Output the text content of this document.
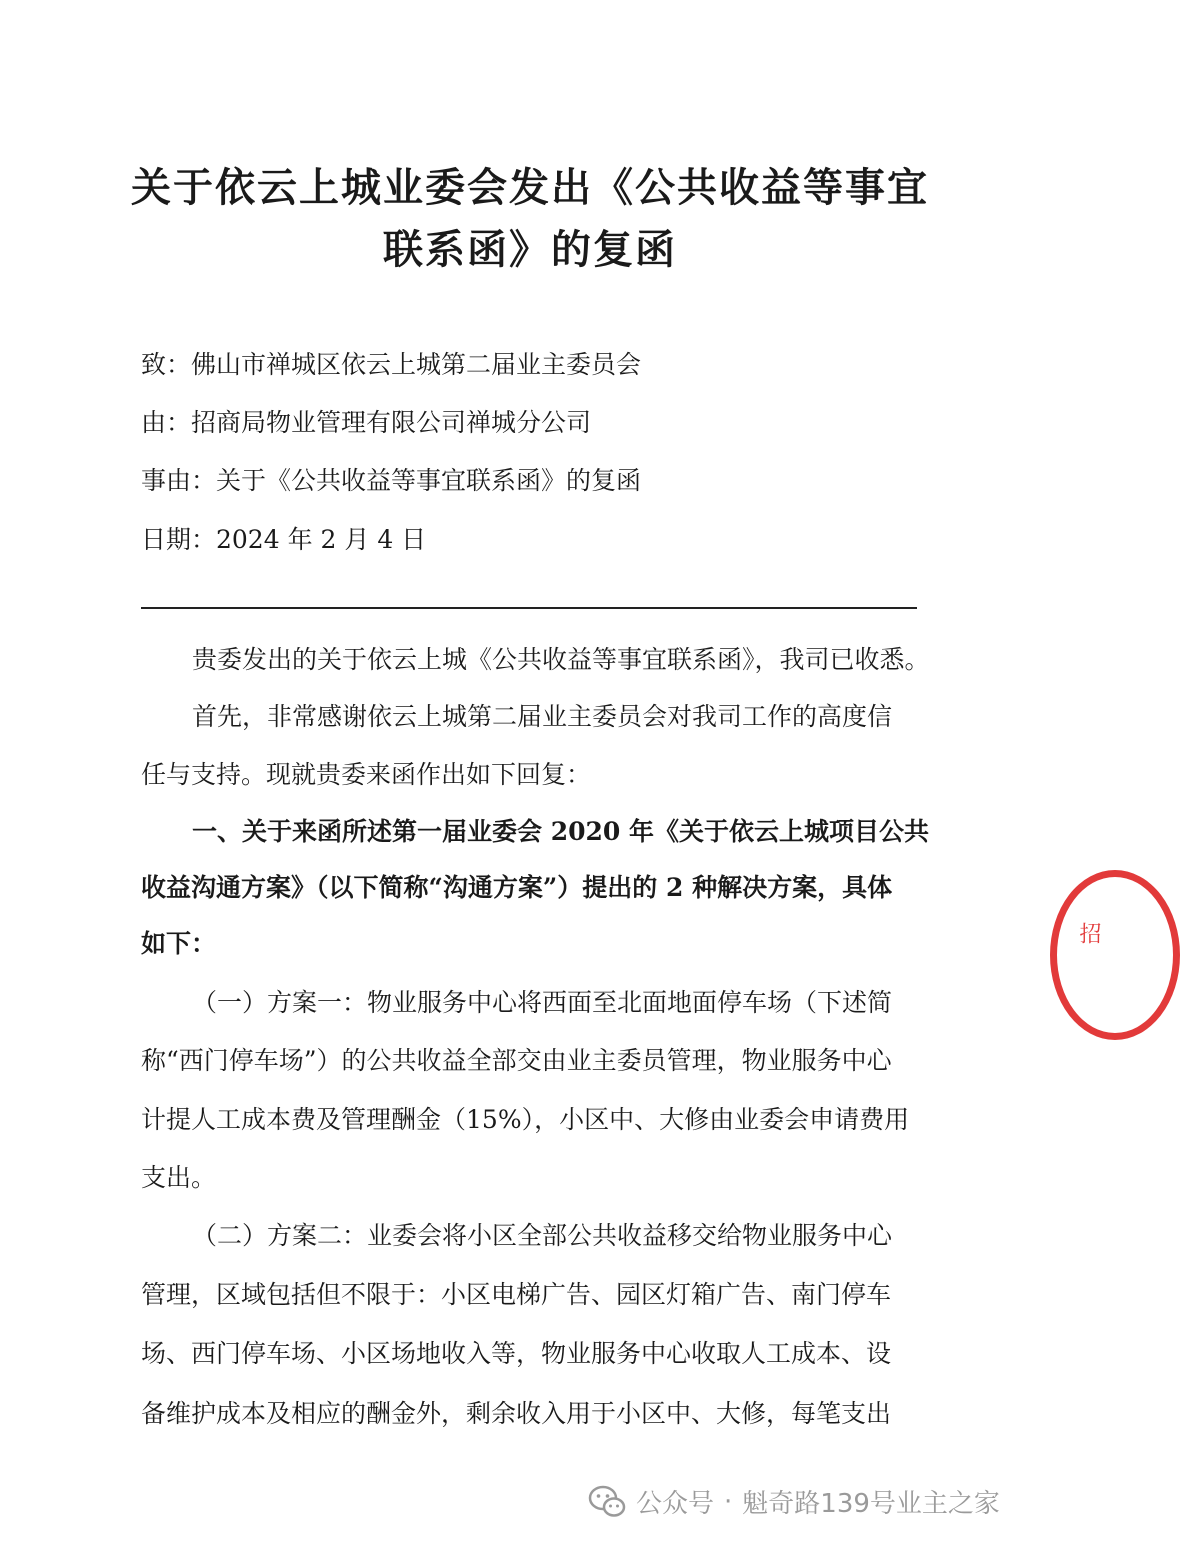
关于依云上城业委会发出《公共收益等事宜
联系函》的复函
致：佛山市禅城区依云上城第二届业主委员会
由：招商局物业管理有限公司禅城分公司
事由：关于《公共收益等事宜联系函》的复函
日期：2024 年 2 月 4 日
贵委发出的关于依云上城《公共收益等事宜联系函》，我司已收悉。
首先，非常感谢依云上城第二届业主委员会对我司工作的高度信
任与支持。现就贵委来函作出如下回复：
一、关于来函所述第一届业委会 2020 年《关于依云上城项目公共
收益沟通方案》（以下简称“沟通方案”）提出的 2 种解决方案，具体
如下：
（一）方案一：物业服务中心将西面至北面地面停车场（下述简
称“西门停车场”）的公共收益全部交由业主委员管理，物业服务中心
计提人工成本费及管理酬金（15%），小区中、大修由业委会申请费用
支出。
（二）方案二：业委会将小区全部公共收益移交给物业服务中心
管理，区域包括但不限于：小区电梯广告、园区灯箱广告、南门停车
场、西门停车场、小区场地收入等，物业服务中心收取人工成本、设
备维护成本及相应的酬金外，剩余收入用于小区中、大修，每笔支出
招
公众号 · 魁奇路139号业主之家
